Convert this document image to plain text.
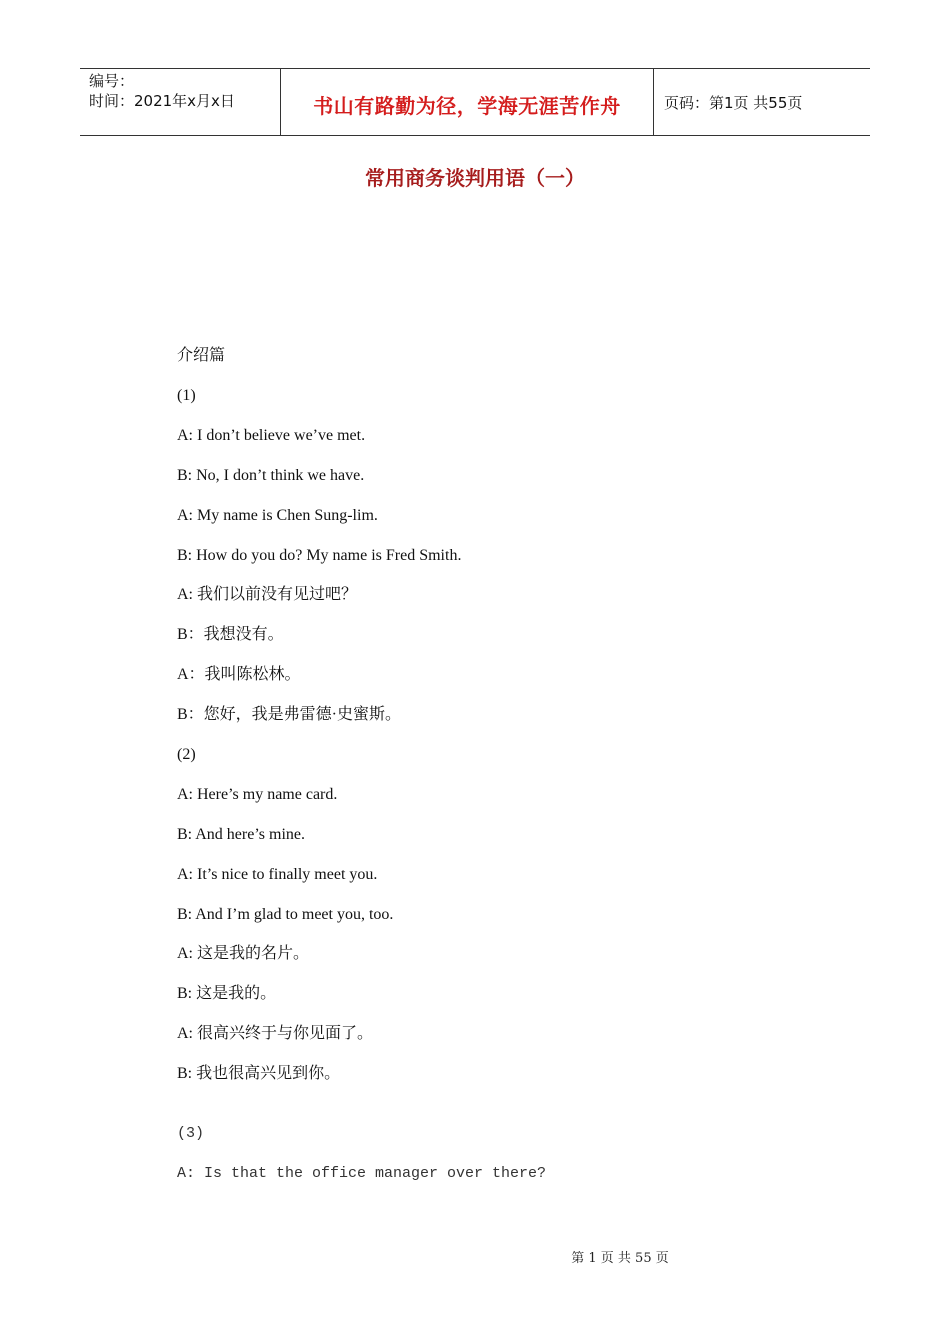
编号：
时间：2021年x月x日	书山有路勤为径，学海无涯苦作舟	页码：第1页 共55页
常用商务谈判用语（一）
介绍篇
(1)
A: I don’t believe we’ve met.
B: No, I don’t think we have.
A: My name is Chen Sung-lim.
B: How do you do? My name is Fred Smith.
A: 我们以前没有见过吧？
B：我想没有。
A：我叫陈松林。
B：您好，我是弗雷德·史蜜斯。
(2)
A: Here’s my name card.
B: And here’s mine.
A: It’s nice to finally meet you.
B: And I’m glad to meet you, too.
A: 这是我的名片。
B: 这是我的。
A: 很高兴终于与你见面了。
B: 我也很高兴见到你。
(3)
A: Is that the office manager over there?
第 1 页 共 55 页
